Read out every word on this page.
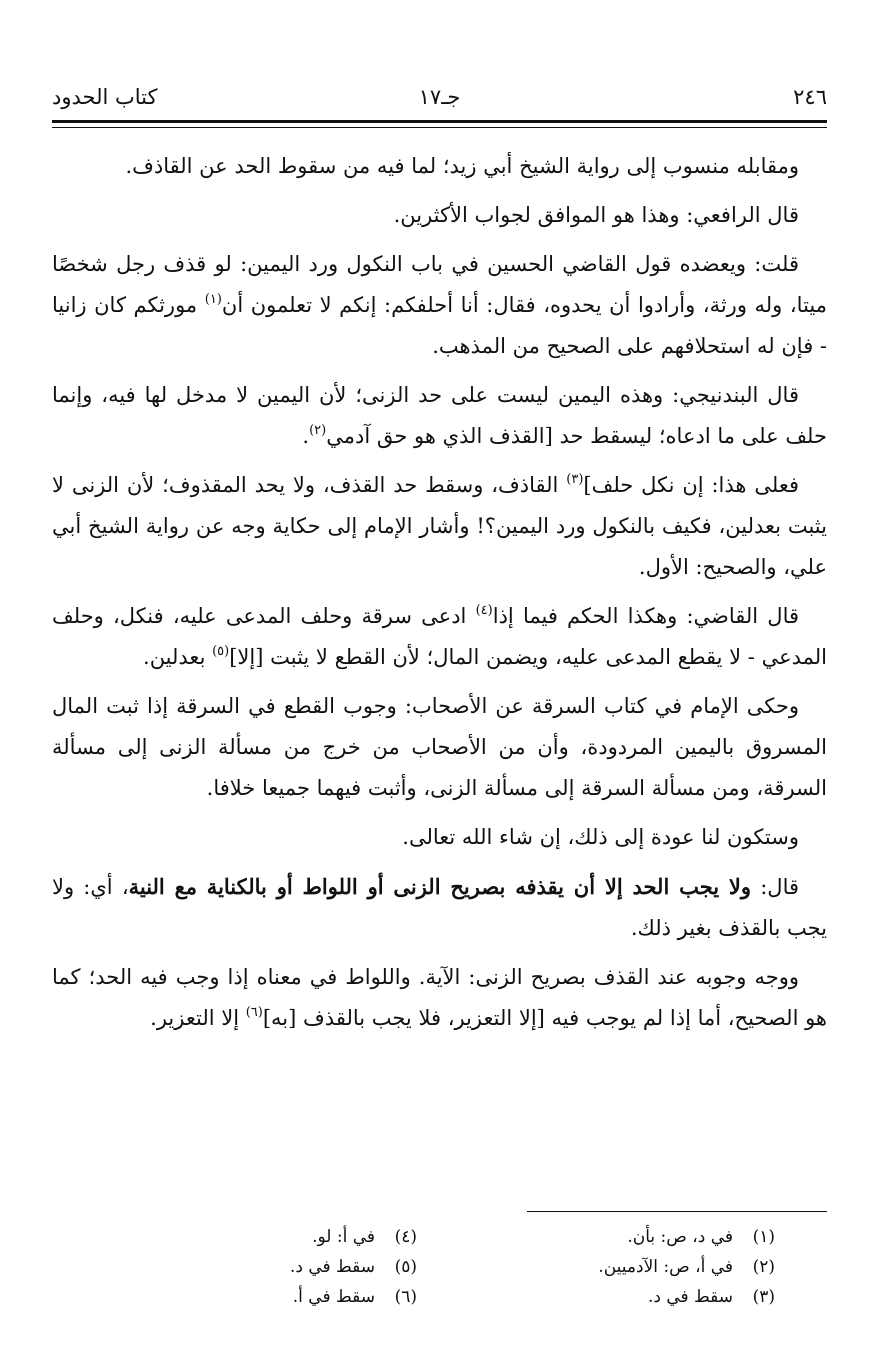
٢٤٦
جـ١٧
كتاب الحدود

ومقابله منسوب إلى رواية الشيخ أبي زيد؛ لما فيه من سقوط الحد عن القاذف.

قال الرافعي: وهذا هو الموافق لجواب الأكثرين.

قلت: ويعضده قول القاضي الحسين في باب النكول ورد اليمين: لو قذف رجل شخصًا ميتا، وله ورثة، وأرادوا أن يحدوه، فقال: أنا أحلفكم: إنكم لا تعلمون أن$^{(١)}$ مورثكم كان زانيا - فإن له استحلافهم على الصحيح من المذهب.

قال البندنيجي: وهذه اليمين ليست على حد الزنى؛ لأن اليمين لا مدخل لها فيه، وإنما حلف على ما ادعاه؛ ليسقط حد [القذف الذي هو حق آدمي$^{(٢)}$.

فعلى هذا: إن نكل حلف]$^{(٣)}$ القاذف، وسقط حد القذف، ولا يحد المقذوف؛ لأن الزنى لا يثبت بعدلين، فكيف بالنكول ورد اليمين؟! وأشار الإمام إلى حكاية وجه عن رواية الشيخ أبي علي، والصحيح: الأول.

قال القاضي: وهكذا الحكم فيما إذا$^{(٤)}$ ادعى سرقة وحلف المدعى عليه، فنكل، وحلف المدعي - لا يقطع المدعى عليه، ويضمن المال؛ لأن القطع لا يثبت [إلا]$^{(٥)}$ بعدلين.

وحكى الإمام في كتاب السرقة عن الأصحاب: وجوب القطع في السرقة إذا ثبت المال المسروق باليمين المردودة، وأن من الأصحاب من خرج من مسألة الزنى إلى مسألة السرقة، ومن مسألة السرقة إلى مسألة الزنى، وأثبت فيهما جميعا خلافا.

وستكون لنا عودة إلى ذلك، إن شاء الله تعالى.

قال: ولا يجب الحد إلا أن يقذفه بصريح الزنى أو اللواط أو بالكناية مع النية، أي: ولا يجب بالقذف بغير ذلك.

ووجه وجوبه عند القذف بصريح الزنى: الآية. واللواط في معناه إذا وجب فيه الحد؛ كما هو الصحيح، أما إذا لم يوجب فيه [إلا التعزير، فلا يجب بالقذف [به]$^{(٦)}$ إلا التعزير.

(١)في د، ص: بأن.
(٢)في أ، ص: الآدميين.
(٣)سقط في د.
(٤)في أ: لو.
(٥)سقط في د.
(٦)سقط في أ.
